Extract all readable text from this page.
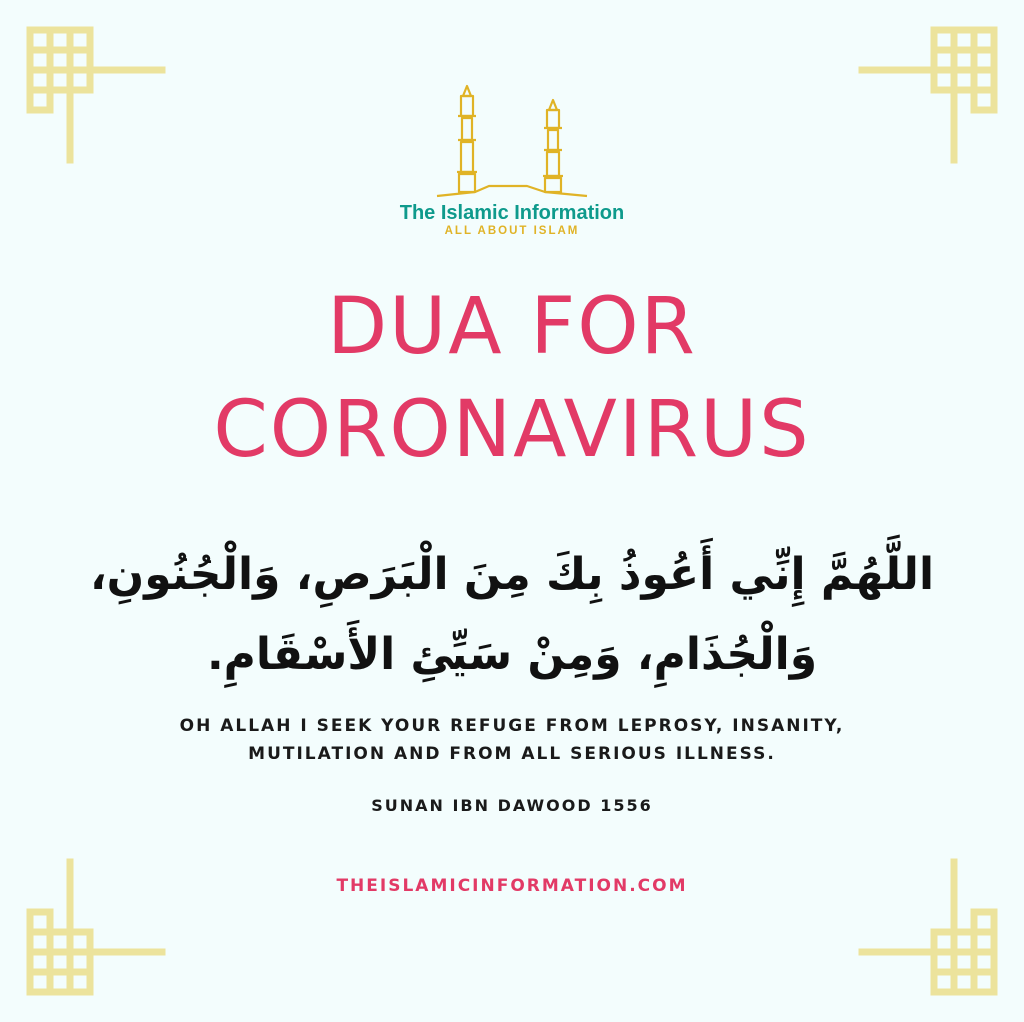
The Islamic Information
ALL ABOUT ISLAM
DUA FOR
CORONAVIRUS

اللَّهُمَّ إِنِّي أَعُوذُ بِكَ مِنَ الْبَرَصِ، وَالْجُنُونِ،

وَالْجُذَامِ، وَمِنْ سَيِّئِ الأَسْقَامِ.

OH ALLAH I SEEK YOUR REFUGE FROM LEPROSY, INSANITY,

MUTILATION AND FROM ALL SERIOUS ILLNESS.

SUNAN IBN DAWOOD 1556
THEISLAMICINFORMATION.COM
